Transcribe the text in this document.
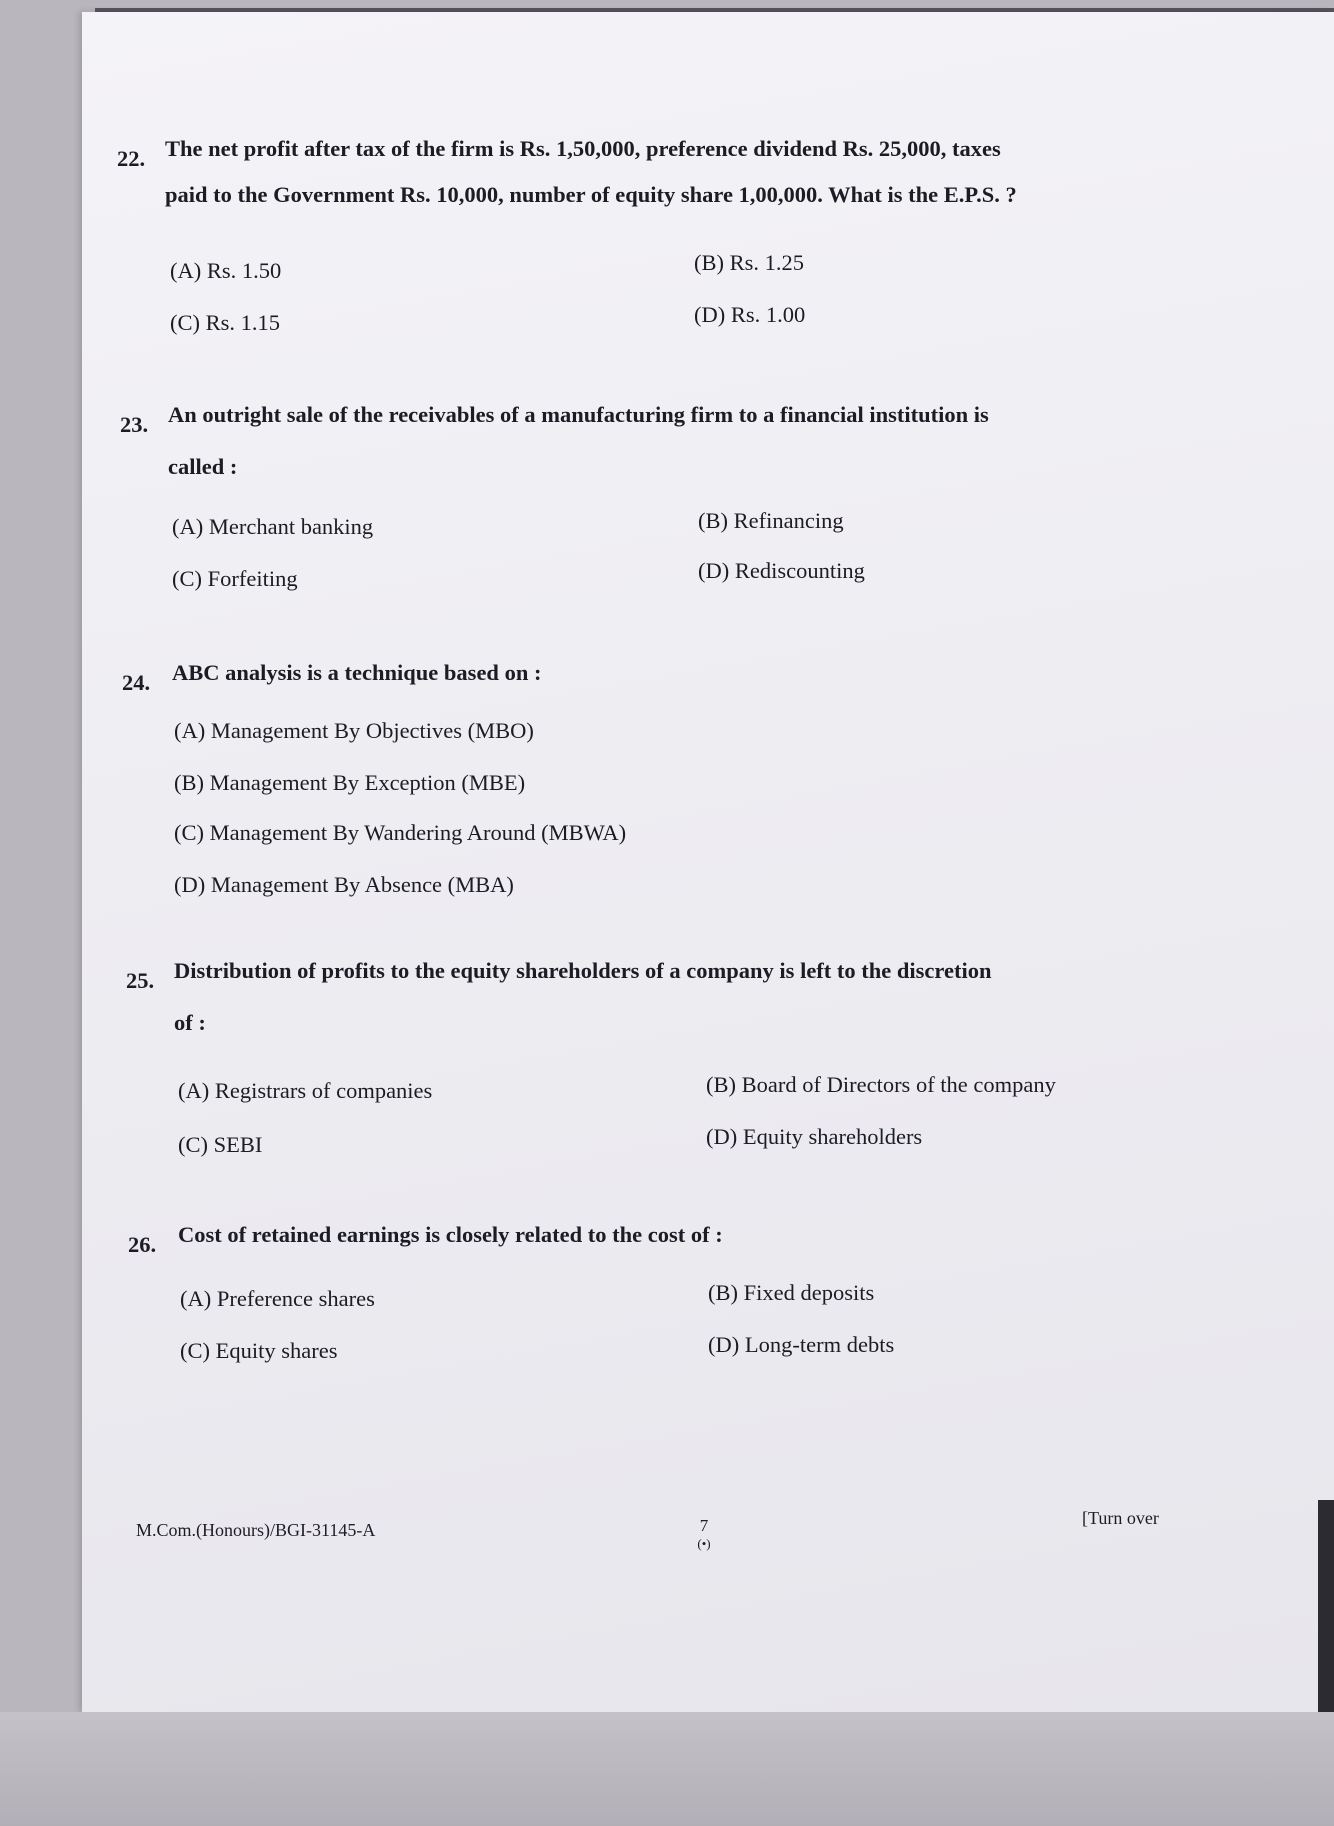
22. The net profit after tax of the firm is Rs. 1,50,000, preference dividend Rs. 25,000, taxes
paid to the Government Rs. 10,000, number of equity share 1,00,000. What is the E.P.S. ?
(A) Rs. 1.50	(B) Rs. 1.25
(C) Rs. 1.15	(D) Rs. 1.00
23. An outright sale of the receivables of a manufacturing firm to a financial institution is
called :
(A) Merchant banking	(B) Refinancing
(C) Forfeiting	(D) Rediscounting
24. ABC analysis is a technique based on :
(A) Management By Objectives (MBO)
(B) Management By Exception (MBE)
(C) Management By Wandering Around (MBWA)
(D) Management By Absence (MBA)
25. Distribution of profits to the equity shareholders of a company is left to the discretion
of :
(A) Registrars of companies	(B) Board of Directors of the company
(C) SEBI	(D) Equity shareholders
26. Cost of retained earnings is closely related to the cost of :
(A) Preference shares	(B) Fixed deposits
(C) Equity shares	(D) Long-term debts
M.Com.(Honours)/BGI-31145-A	7
(•)
[Turn over
